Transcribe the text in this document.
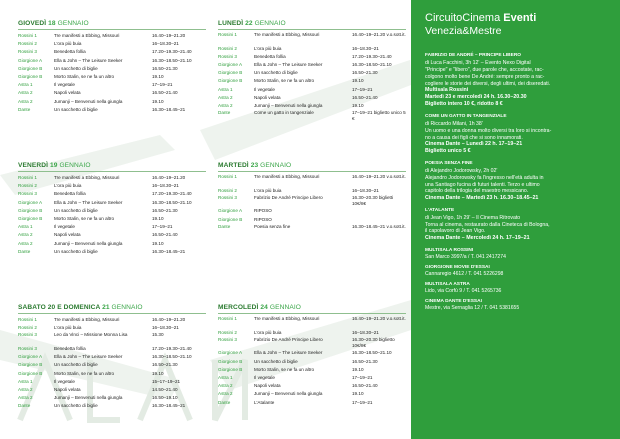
GIOVEDÌ 18 GENNAIO
Rossini 1	Tre manifesti a Ebbing, Missouri	16.40–19–21.20
Rossini 2	L'ora più buia	16–18.30–21
Rossini 3	Benedetta follia	17.20–19.30–21.40
Giorgione A	Ella & John – The Leisure Seeker	16.30–18.50–21.10
Giorgione B	Un sacchetto di biglie	16.50–21.30
Giorgione B	Morto Stalin, se ne fa un altro	19.10
Astra 1	Il vegetale	17–19–21
Astra 2	Napoli velata	16.50–21.40
Astra 2	Jumanji – Benvenuti nella giungla	19.10
Dante	Un sacchetto di biglie	16.30–18.45–21
LUNEDÌ 22 GENNAIO
Rossini 1	Tre manifesti a Ebbing, Missouri	16.40–19–21.20 v.o.sott.it.
Rossini 2	L'ora più buia	16–18.30–21
Rossini 3	Benedetta follia	17.20–19.30–21.40
Giorgione A	Ella & John – The Leisure Seeker	16.30–18.50–21.10
Giorgione B	Un sacchetto di biglie	16.50–21.30
Giorgione B	Morto Stalin, se ne fa un altro	19.10
Astra 1	Il vegetale	17–19–21
Astra 2	Napoli velata	16.50–21.40
Astra 2	Jumanji – Benvenuti nella giungla	19.10
Dante	Come un gatto in tangenziale	17–19–21 biglietto unico 5 €
VENERDÌ 19 GENNAIO
Rossini 1	Tre manifesti a Ebbing, Missouri	16.40–19–21.20
Rossini 2	L'ora più buia	16–18.30–21
Rossini 3	Benedetta follia	17.20–19.30–21.40
Giorgione A	Ella & John – The Leisure Seeker	16.30–18.50–21.10
Giorgione B	Un sacchetto di biglie	16.50–21.30
Giorgione B	Morto Stalin, se ne fa un altro	19.10
Astra 1	Il vegetale	17–19–21
Astra 2	Napoli velata	16.50–21.40
Astra 2	Jumanji – Benvenuti nella giungla	19.10
Dante	Un sacchetto di biglie	16.30–18.45–21
MARTEDÌ 23 GENNAIO
Rossini 1	Tre manifesti a Ebbing, Missouri	16.40–19–21.20 v.o.sott.it.
Rossini 2	L'ora più buia	16–18.30–21
Rossini 3	Fabrizio De André Principe Libero	16.30–20.30 biglietti 10€/8€
Giorgione A	RIPOSO
Giorgione B	RIPOSO
Dante	Poesia senza fine	16.30–18.45–21 v.o.sott.it.
SABATO 20 E DOMENICA 21 GENNAIO
Rossini 1	Tre manifesti a Ebbing, Missouri	16.40–19–21.20
Rossini 2	L'ora più buia	16–18.30–21
Rossini 3	Leo da Vinci – Missione Monna Lisa	15.30
Rossini 3	Benedetta follia	17.20–19.30–21.40
Giorgione A	Ella & John – The Leisure Seeker	16.30–18.50–21.10
Giorgione B	Un sacchetto di biglie	16.50–21.30
Giorgione B	Morto Stalin, se ne fa un altro	19.10
Astra 1	Il vegetale	15–17–19–21
Astra 2	Napoli velata	14.50–21.40
Astra 2	Jumanji – Benvenuti nella giungla	16.50–19.10
Dante	Un sacchetto di biglie	16.30–18.45–21
MERCOLEDÌ 24 GENNAIO
Rossini 1	Tre manifesti a Ebbing, Missouri	16.40–19–21.20 v.o.sott.it.
Rossini 2	L'ora più buia	16–18.30–21
Rossini 3	Fabrizio De André Principe Libero	16.30–20.30 biglietto 10€/8€
Giorgione A	Ella & John – The Leisure Seeker	16.30–18.50–21.10
Giorgione B	Un sacchetto di biglie	16.50–21.30
Giorgione B	Morto Stalin, se ne fa un altro	19.10
Astra 1	Il vegetale	17–19–21
Astra 2	Napoli velata	16.50–21.40
Astra 2	Jumanji – Benvenuti nella giungla	19.10
Dante	L'Atalante	17–19–21
CircuitoCinema Eventi
Venezia&Mestre
FABRIZIO DE ANDRÉ – PRINCIPE LIBERO
di Luca Facchini, 3h 12' – Evento Nexo Digital
"Principe" e "libero", due parole che, accostate, rac-
colgono molto bene De André: sempre pronto a rac-
cogliere le storie dei diversi, degli ultimi, dei diseredati.
Multisala Rossini
Martedì 23 e mercoledì 24 h. 16.30–20.30
Biglietto intero 10 €, ridotto 8 €
COME UN GATTO IN TANGENZIALE
di Riccardo Milani, 1h 38'
Un uomo e una donna molto diversi tra loro si incontra-
no a causa dei figli che si sono innamorati.
Cinema Dante – Lunedì 22 h. 17–19–21
Biglietto unico 5 €
POESIA SENZA FINE
di Alejandro Jodorowsky, 2h 02'
Alejandro Jodorowsky fa l'ingresso nell'età adulta in
una Santiago fucina di futuri talenti. Terzo e ultimo
capitolo della trilogia del maestro messicano.
Cinema Dante – Martedì 23 h. 16.30–18.45–21
L'ATALANTE
di Jean Vigo, 1h 29' – Il Cinema Ritrovato
Torna al cinema, restaurato dalla Cineteca di Bologna,
il capolavoro di Jean Vigo.
Cinema Dante – Mercoledì 24 h. 17–19–21
MULTISALA ROSSINI
San Marco 3997/a / T. 041 2417274
GIORGIONE MOVIE D'ESSAI
Cannaregio 4612 / T. 041 5226298
MULTISALA ASTRA
Lido, via Corfù 9 / T. 041 5265736
CINEMA DANTE D'ESSAI
Mestre, via Sernaglia 12 / T. 041 5381655
